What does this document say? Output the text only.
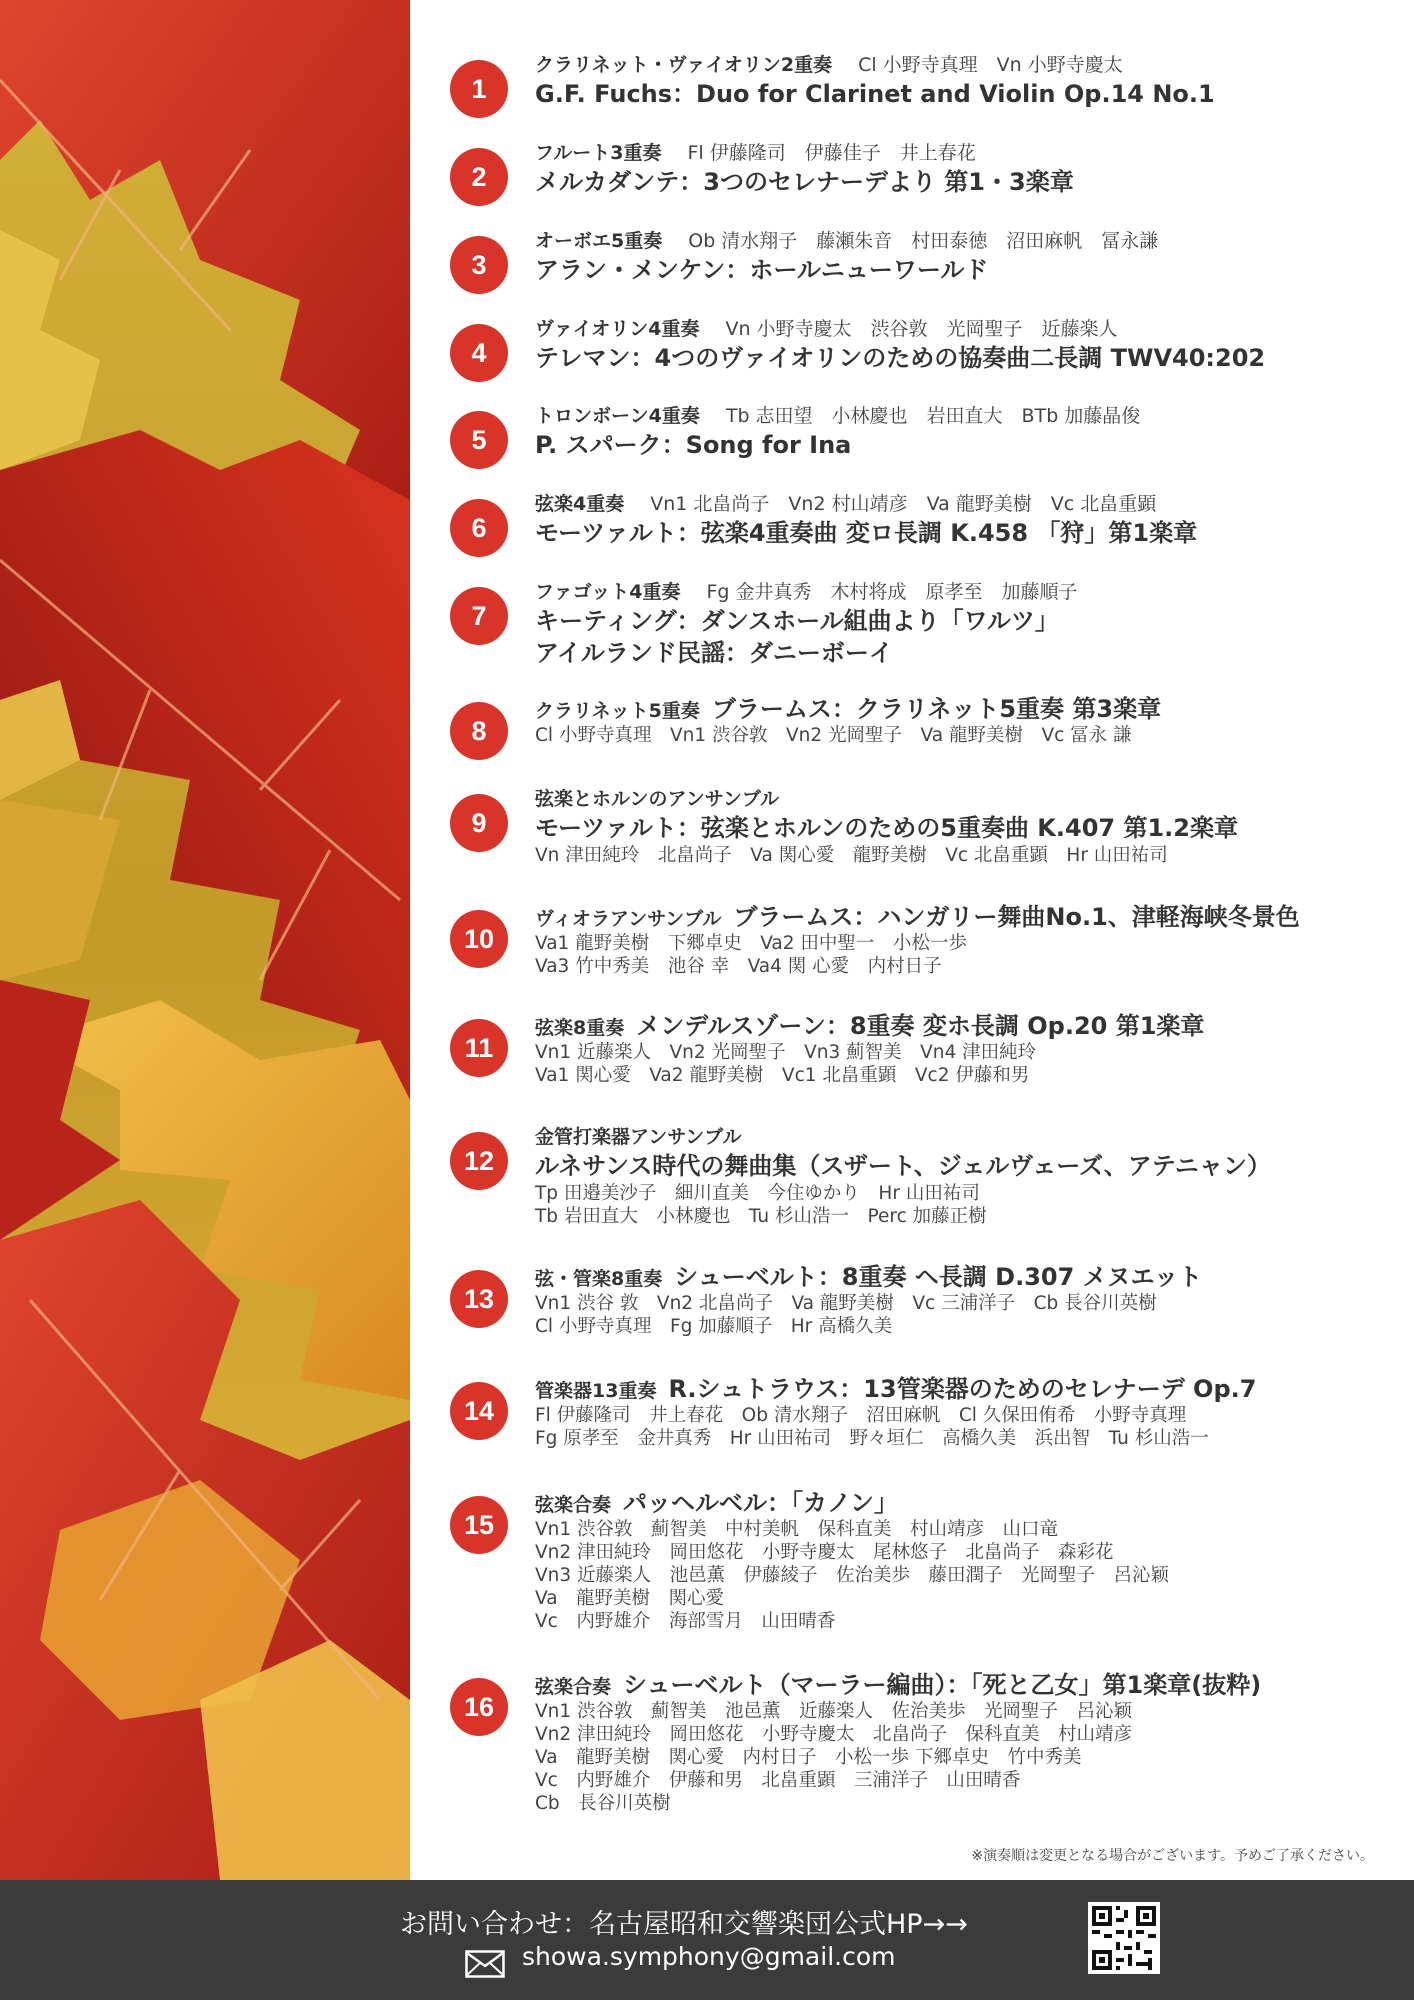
1
クラリネット・ヴァイオリン2重奏 Cl 小野寺真理　Vn 小野寺慶太
G.F. Fuchs：Duo for Clarinet and Violin Op.14 No.1
2
フルート3重奏 Fl 伊藤隆司　伊藤佳子　井上春花
メルカダンテ：3つのセレナーデより 第1・3楽章
3
オーボエ5重奏 Ob 清水翔子　藤瀬朱音　村田泰徳　沼田麻帆　冨永謙
アラン・メンケン：ホールニューワールド
4
ヴァイオリン4重奏 Vn 小野寺慶太　渋谷敦　光岡聖子　近藤楽人
テレマン：4つのヴァイオリンのための協奏曲二長調 TWV40:202
5
トロンボーン4重奏 Tb 志田望　小林慶也　岩田直大　BTb 加藤晶俊
P. スパーク：Song for Ina
6
弦楽4重奏 Vn1 北畠尚子　Vn2 村山靖彦　Va 龍野美樹　Vc 北畠重顕
モーツァルト：弦楽4重奏曲 変ロ長調 K.458 「狩」第1楽章
7
ファゴット4重奏 Fg 金井真秀　木村将成　原孝至　加藤順子
キーティング：ダンスホール組曲より「ワルツ」
アイルランド民謡：ダニーボーイ
8
クラリネット5重奏 ブラームス：クラリネット5重奏 第3楽章
Cl 小野寺真理　Vn1 渋谷敦　Vn2 光岡聖子　Va 龍野美樹　Vc 冨永 謙
9
弦楽とホルンのアンサンブル
モーツァルト：弦楽とホルンのための5重奏曲 K.407 第1.2楽章
Vn 津田純玲　北畠尚子　Va 関心愛　龍野美樹　Vc 北畠重顕　Hr 山田祐司
10
ヴィオラアンサンブル ブラームス：ハンガリー舞曲No.1、津軽海峡冬景色
Va1 龍野美樹　下郷卓史　Va2 田中聖一　小松一歩
Va3 竹中秀美　池谷 幸　Va4 関 心愛　内村日子
11
弦楽8重奏 メンデルスゾーン：8重奏 変ホ長調 Op.20 第1楽章
Vn1 近藤楽人　Vn2 光岡聖子　Vn3 薊智美　Vn4 津田純玲
Va1 関心愛　Va2 龍野美樹　Vc1 北畠重顕　Vc2 伊藤和男
12
金管打楽器アンサンブル
ルネサンス時代の舞曲集（スザート、ジェルヴェーズ、アテニャン）
Tp 田邉美沙子　細川直美　今住ゆかり　Hr 山田祐司
Tb 岩田直大　小林慶也　Tu 杉山浩一　Perc 加藤正樹
13
弦・管楽8重奏 シューベルト：8重奏 ヘ長調 D.307 メヌエット
Vn1 渋谷 敦　Vn2 北畠尚子　Va 龍野美樹　Vc 三浦洋子　Cb 長谷川英樹
Cl 小野寺真理　Fg 加藤順子　Hr 高橋久美
14
管楽器13重奏 R.シュトラウス：13管楽器のためのセレナーデ Op.7
Fl 伊藤隆司　井上春花　Ob 清水翔子　沼田麻帆　Cl 久保田侑希　小野寺真理
Fg 原孝至　金井真秀　Hr 山田祐司　野々垣仁　高橋久美　浜出智　Tu 杉山浩一
15
弦楽合奏 パッヘルベル：「カノン」
Vn1 渋谷敦　薊智美　中村美帆　保科直美　村山靖彦　山口竜
Vn2 津田純玲　岡田悠花　小野寺慶太　尾林悠子　北畠尚子　森彩花
Vn3 近藤楽人　池邑薫　伊藤綾子　佐治美歩　藤田潤子　光岡聖子　呂沁颖
Va　龍野美樹　関心愛
Vc　内野雄介　海部雪月　山田晴香
16
弦楽合奏 シューベルト（マーラー編曲）：「死と乙女」第1楽章(抜粋)
Vn1 渋谷敦　薊智美　池邑薫　近藤楽人　佐治美歩　光岡聖子　呂沁颖
Vn2 津田純玲　岡田悠花　小野寺慶太　北畠尚子　保科直美　村山靖彦
Va　龍野美樹　関心愛　内村日子　小松一歩 下郷卓史　竹中秀美
Vc　内野雄介　伊藤和男　北畠重顕　三浦洋子　山田晴香
Cb　長谷川英樹
※演奏順は変更となる場合がございます。予めご了承ください。
お問い合わせ：名古屋昭和交響楽団公式HP→→
showa.symphony@gmail.com
